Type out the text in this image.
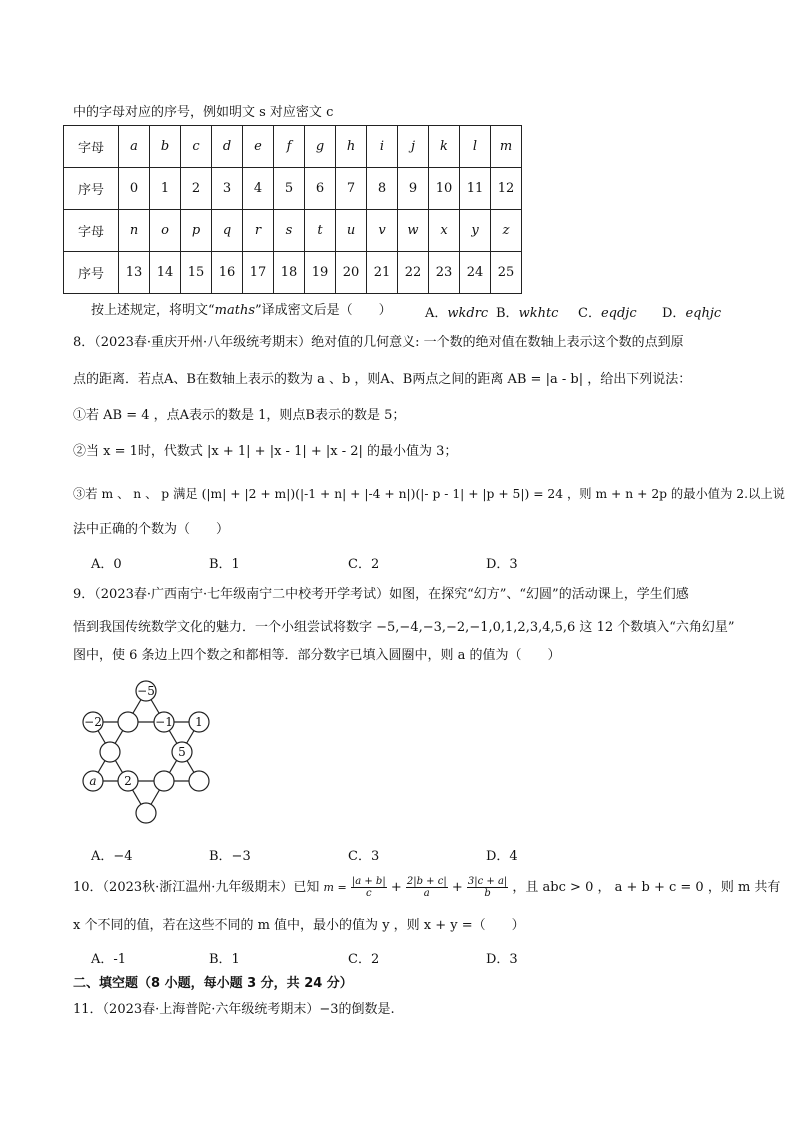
中的字母对应的序号，例如明文 s 对应密文 c
字母	a	b	c	d	e	f	g	h	i	j	k	l	m
序号	0	1	2	3	4	5	6	7	8	9	10	11	12
字母	n	o	p	q	r	s	t	u	v	w	x	y	z
序号	13	14	15	16	17	18	19	20	21	22	23	24	25
按上述规定，将明文“maths”译成密文后是（　　）	A．wkdrc B．wkhtc C．eqdjc D．eqhjc
8．（2023春·重庆开州·八年级统考期末）绝对值的几何意义: 一个数的绝对值在数轴上表示这个数的点到原
点的距离．若点A、B在数轴上表示的数为 a 、b ，则A、B两点之间的距离 AB = |a - b| ，给出下列说法：
①若 AB = 4 ，点A表示的数是 1，则点B表示的数是 5；
②当 x = 1时，代数式 |x + 1| + |x - 1| + |x - 2| 的最小值为 3；
③若 m 、 n 、 p 满足 (|m| + |2 + m|)(|-1 + n| + |-4 + n|)(|- p - 1| + |p + 5|) = 24 ，则 m + n + 2p 的最小值为 2.以上说
法中正确的个数为（　　）
A．0	B．1	C．2	D．3
9．（2023春·广西南宁·七年级南宁二中校考开学考试）如图，在探究“幻方”、“幻圆”的活动课上，学生们感
悟到我国传统数学文化的魅力．一个小组尝试将数字 −5,−4,−3,−2,−1,0,1,2,3,4,5,6 这 12 个数填入“六角幻星”
图中，使 6 条边上四个数之和都相等．部分数字已填入圆圈中，则 a 的值为（　　）
−5
−2	−1 1
5
a 2
A．−4	B．−3	C．3	D．4
10．（2023秋·浙江温州·九年级期末）已知 $m = \frac{|a + b|}{c} + \frac{2|b + c|}{a} + \frac{3|c + a|}{b}$ ，且 abc > 0 ， a + b + c = 0 ，则 m 共有
x 个不同的值，若在这些不同的 m 值中，最小的值为 y ，则 x + y =（　　）
A．-1	B．1	C．2	D．3
二、填空题（8 小题，每小题 3 分，共 24 分）
11．（2023春·上海普陀·六年级统考期末）−3的倒数是.
